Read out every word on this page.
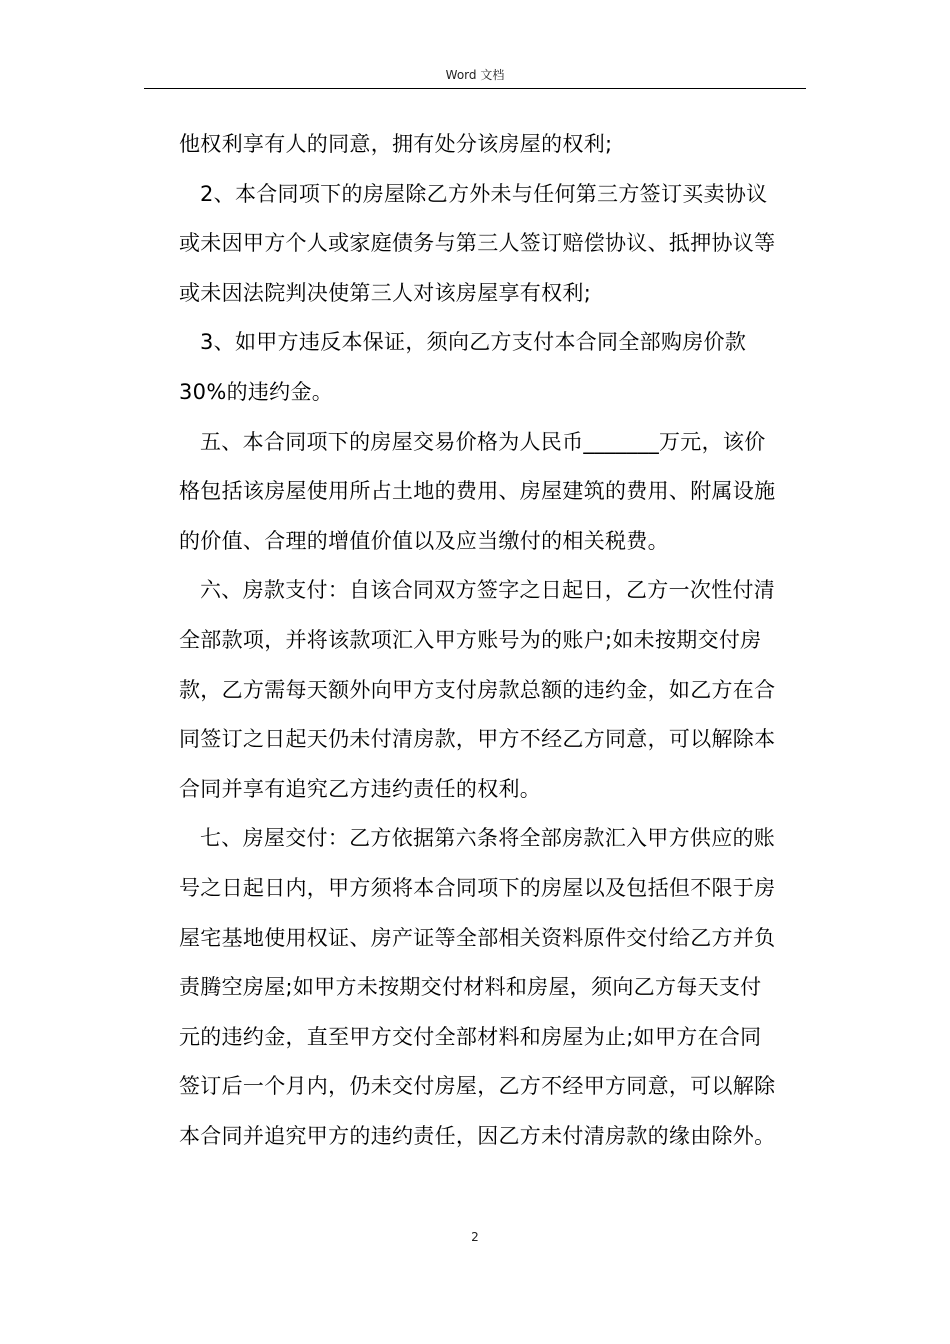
Word 文档

他权利享有人的同意，拥有处分该房屋的权利;

2、本合同项下的房屋除乙方外未与任何第三方签订买卖协议

或未因甲方个人或家庭债务与第三人签订赔偿协议、抵押协议等

或未因法院判决使第三人对该房屋享有权利;

3、如甲方违反本保证，须向乙方支付本合同全部购房价款

30%的违约金。

五、本合同项下的房屋交易价格为人民币_______万元，该价

格包括该房屋使用所占土地的费用、房屋建筑的费用、附属设施

的价值、合理的增值价值以及应当缴付的相关税费。

六、房款支付：自该合同双方签字之日起日，乙方一次性付清

全部款项，并将该款项汇入甲方账号为的账户;如未按期交付房

款，乙方需每天额外向甲方支付房款总额的违约金，如乙方在合

同签订之日起天仍未付清房款，甲方不经乙方同意，可以解除本

合同并享有追究乙方违约责任的权利。

七、房屋交付：乙方依据第六条将全部房款汇入甲方供应的账

号之日起日内，甲方须将本合同项下的房屋以及包括但不限于房

屋宅基地使用权证、房产证等全部相关资料原件交付给乙方并负

责腾空房屋;如甲方未按期交付材料和房屋，须向乙方每天支付

元的违约金，直至甲方交付全部材料和房屋为止;如甲方在合同

签订后一个月内，仍未交付房屋，乙方不经甲方同意，可以解除

本合同并追究甲方的违约责任，因乙方未付清房款的缘由除外。

2
